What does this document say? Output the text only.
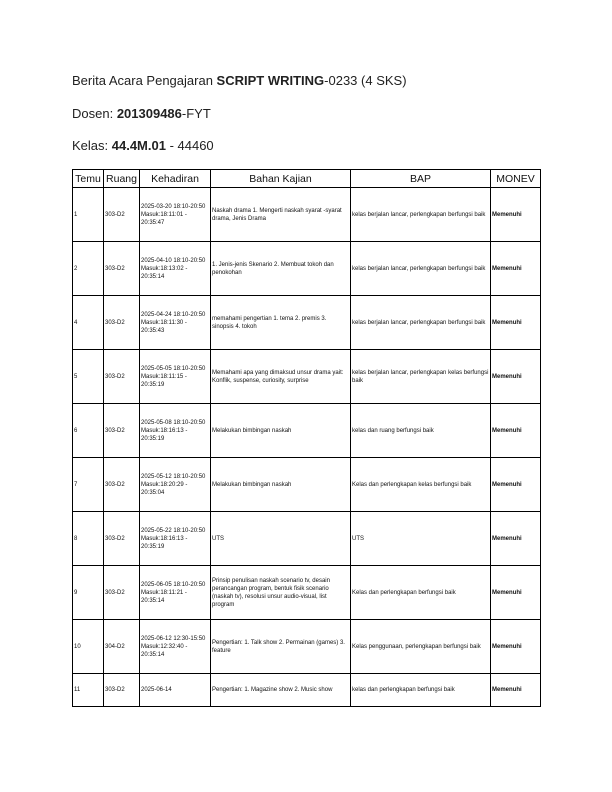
Berita Acara Pengajaran SCRIPT WRITING-0233 (4 SKS)
Dosen: 201309486-FYT
Kelas: 44.4M.01 - 44460
Temu	Ruang	Kehadiran	Bahan Kajian	BAP	MONEV
1	303-D2	2025-03-20 18:10-20:50 Masuk:18:11:01 - 20:35:47	Naskah drama 1. Mengerti naskah syarat -syarat drama, Jenis Drama	kelas berjalan lancar, perlengkapan berfungsi baik	Memenuhi
2	303-D2	2025-04-10 18:10-20:50 Masuk:18:13:02 - 20:35:14	1. Jenis-jenis Skenario 2. Membuat tokoh dan penokohan	kelas berjalan lancar, perlengkapan berfungsi baik	Memenuhi
4	303-D2	2025-04-24 18:10-20:50 Masuk:18:11:30 - 20:35:43	memahami pengertian 1. tema 2. premis 3. sinopsis 4. tokoh	kelas berjalan lancar, perlengkapan berfungsi baik	Memenuhi
5	303-D2	2025-05-05 18:10-20:50 Masuk:18:11:15 - 20:35:19	Memahami apa yang dimaksud unsur drama yait: Konflik, suspense, curiosity, surprise	kelas berjalan lancar, perlengkapan kelas berfungsi baik	Memenuhi
6	303-D2	2025-05-08 18:10-20:50 Masuk:18:16:13 - 20:35:19	Melakukan bimbingan naskah	kelas dan ruang berfungsi baik	Memenuhi
7	303-D2	2025-05-12 18:10-20:50 Masuk:18:20:29 - 20:35:04	Melakukan bimbingan naskah	Kelas dan perlengkapan kelas berfungsi baik	Memenuhi
8	303-D2	2025-05-22 18:10-20:50 Masuk:18:16:13 - 20:35:19	UTS	UTS	Memenuhi
9	303-D2	2025-06-05 18:10-20:50 Masuk:18:11:21 - 20:35:14	Prinsip penulisan naskah scenario tv, desain perancangan program, bentuk fisik scenario (naskah tv), resolusi unsur audio-visual, list program	Kelas dan perlengkapan berfungsi baik	Memenuhi
10	304-D2	2025-06-12 12:30-15:50 Masuk:12:32:40 - 20:35:14	Pengertian: 1. Talk show 2. Permainan (games) 3. feature	Kelas penggunaan, perlengkapan berfungsi baik	Memenuhi
11	303-D2	2025-06-14	Pengertian: 1. Magazine show 2. Music show	kelas dan perlengkapan berfungsi baik	Memenuhi
